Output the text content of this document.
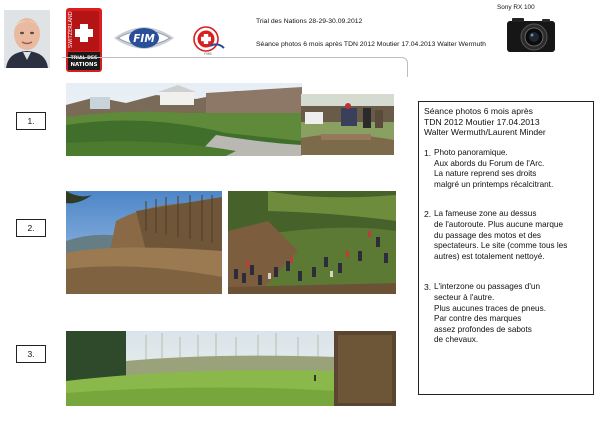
SWITZERLAND
TRIAL DES
NATIONS
FIM
FMS
Trial des Nations 28-29-30.09.2012
Séance photos 6 mois après TDN 2012 Moutier 17.04.2013 Walter Wermuth
Sony RX 100
1.
2.
3.
Séance photos 6 mois après
TDN 2012 Moutier 17.04.2013
Walter Wermuth/Laurent Minder
1. Photo panoramique.
Aux abords du Forum de l'Arc.
La nature reprend ses droits
malgré un printemps récalcitrant.
2. La fameuse zone au dessus
de l'autoroute. Plus aucune marque
du passage des motos et des
spectateurs. Le site (comme tous les
autres) est totalement nettoyé.
3. L'interzone ou passages d'un
secteur à l'autre.
Plus aucunes traces de pneus.
Par contre des marques
assez profondes de sabots
de chevaux.
